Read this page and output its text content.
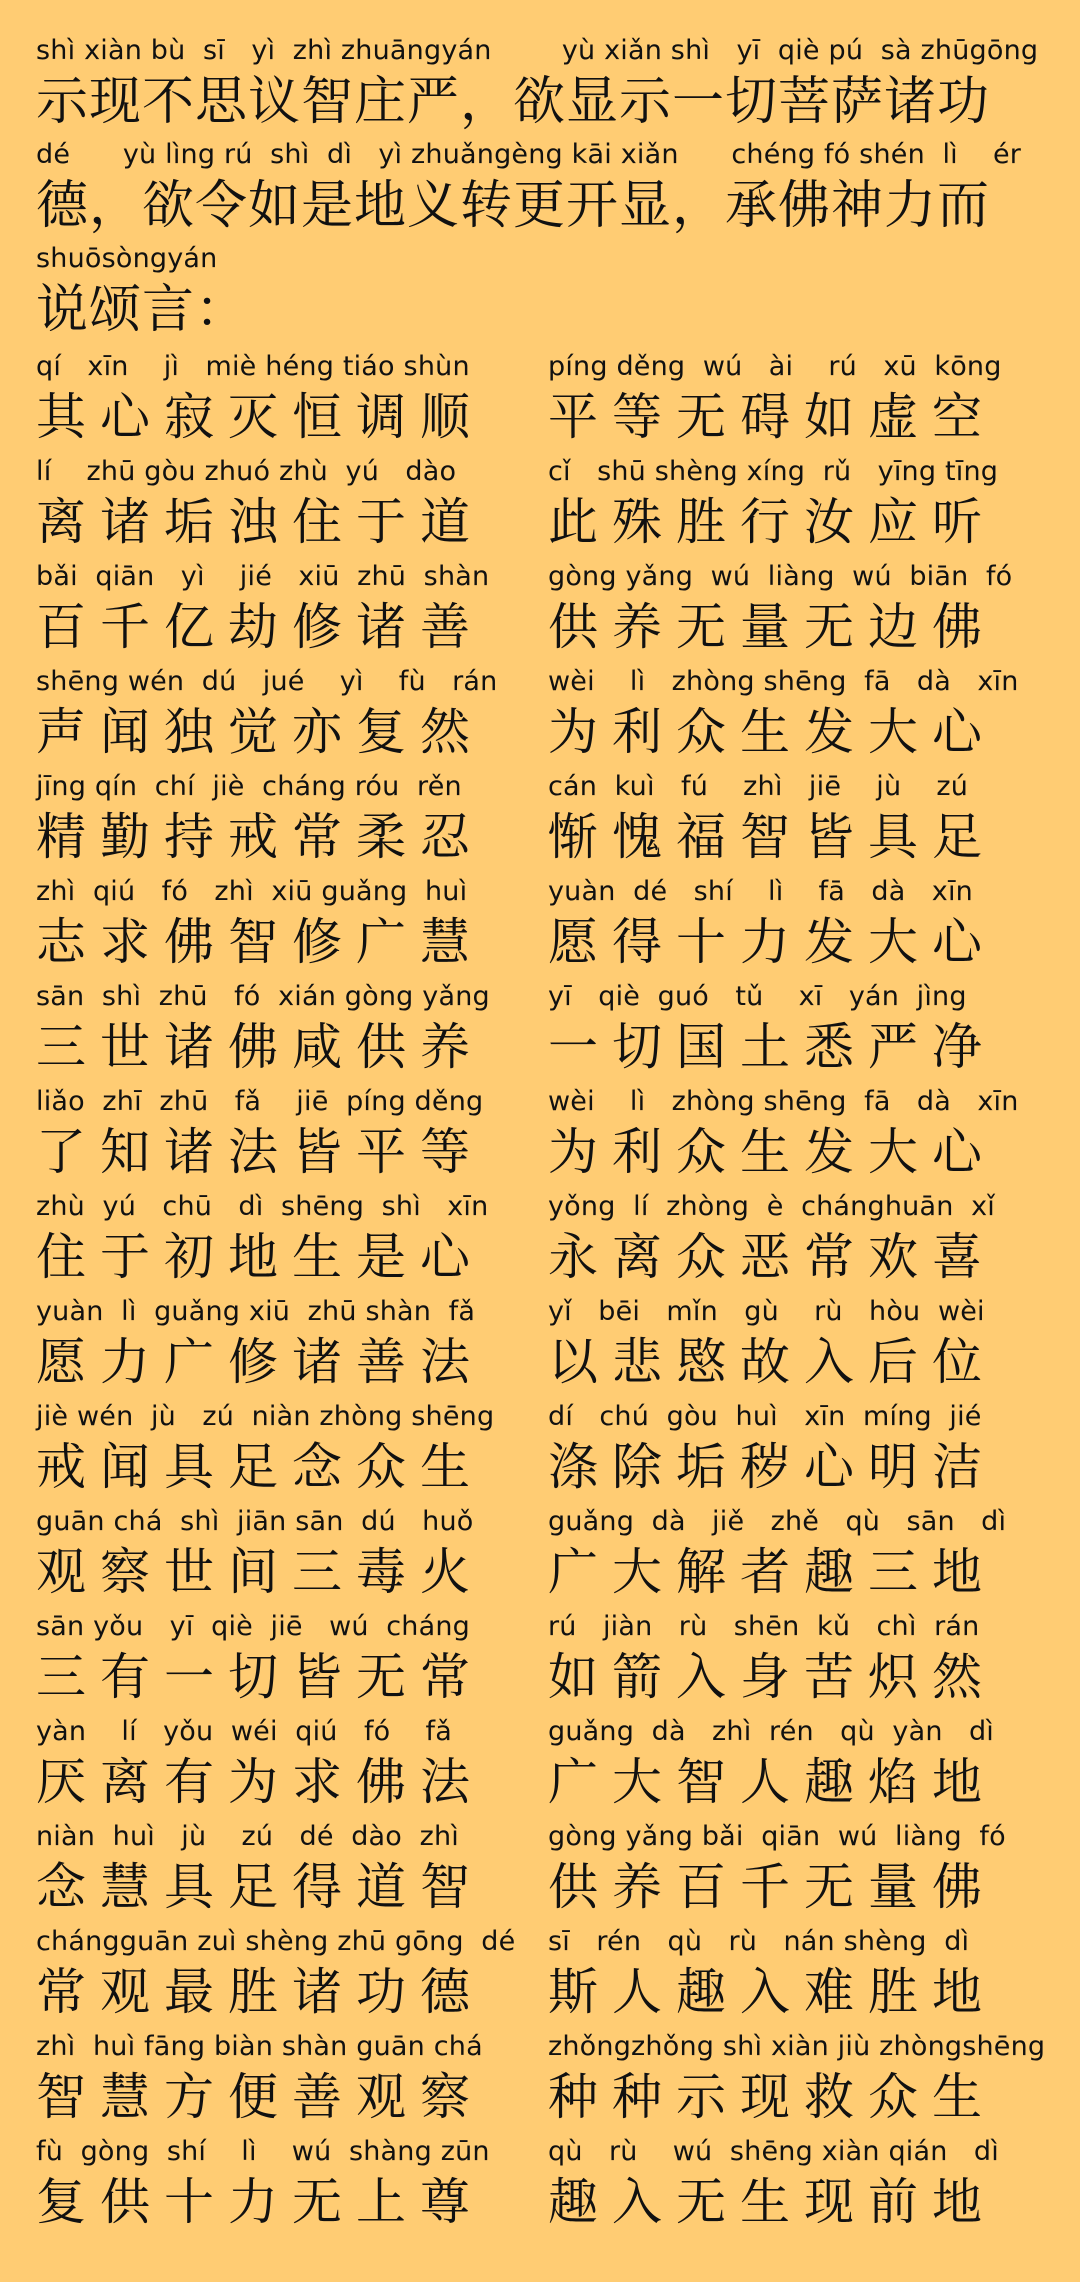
shì xiàn bù  sī   yì  zhì zhuāngyán        yù xiǎn shì   yī  qiè pú  sà zhūgōng
示现不思议智庄严，欲显示一切菩萨诸功
dé      yù lìng rú  shì  dì   yì zhuǎngèng kāi xiǎn      chéng fó shén  lì    ér
德，欲令如是地义转更开显，承佛神力而
shuōsòngyán
说颂言：
qí   xīn    jì   miè héng tiáo shùn
其心寂灭恒调顺
píng děng  wú   ài    rú   xū  kōng
平等无碍如虚空
lí    zhū gòu zhuó zhù  yú   dào
离诸垢浊住于道
cǐ   shū shèng xíng  rǔ   yīng tīng
此殊胜行汝应听
bǎi  qiān   yì    jié   xiū  zhū  shàn
百千亿劫修诸善
gòng yǎng  wú  liàng  wú  biān  fó
供养无量无边佛
shēng wén  dú   jué    yì    fù   rán
声闻独觉亦复然
wèi    lì   zhòng shēng  fā   dà   xīn
为利众生发大心
jīng qín  chí  jiè  cháng róu  rěn
精勤持戒常柔忍
cán  kuì   fú    zhì   jiē    jù    zú
惭愧福智皆具足
zhì  qiú   fó   zhì  xiū guǎng  huì
志求佛智修广慧
yuàn  dé   shí    lì    fā   dà   xīn
愿得十力发大心
sān  shì  zhū   fó  xián gòng yǎng
三世诸佛咸供养
yī   qiè  guó   tǔ    xī   yán  jìng
一切国土悉严净
liǎo  zhī  zhū   fǎ    jiē  píng děng
了知诸法皆平等
wèi    lì   zhòng shēng  fā   dà   xīn
为利众生发大心
zhù  yú   chū   dì  shēng  shì   xīn
住于初地生是心
yǒng  lí  zhòng  è  chánghuān  xǐ
永离众恶常欢喜
yuàn  lì  guǎng xiū  zhū shàn  fǎ
愿力广修诸善法
yǐ   bēi   mǐn   gù    rù   hòu  wèi
以悲愍故入后位
jiè wén  jù   zú  niàn zhòng shēng
戒闻具足念众生
dí   chú  gòu  huì   xīn  míng  jié
涤除垢秽心明洁
guān chá  shì  jiān sān  dú   huǒ
观察世间三毒火
guǎng  dà   jiě   zhě   qù   sān   dì
广大解者趣三地
sān yǒu   yī  qiè  jiē   wú  cháng
三有一切皆无常
rú   jiàn   rù   shēn  kǔ   chì  rán
如箭入身苦炽然
yàn    lí   yǒu  wéi  qiú   fó    fǎ
厌离有为求佛法
guǎng  dà   zhì  rén   qù  yàn   dì
广大智人趣焰地
niàn  huì   jù    zú   dé  dào  zhì
念慧具足得道智
gòng yǎng bǎi  qiān  wú  liàng  fó
供养百千无量佛
chángguān zuì shèng zhū gōng  dé
常观最胜诸功德
sī   rén   qù   rù   nán shèng  dì
斯人趣入难胜地
zhì  huì fāng biàn shàn guān chá
智慧方便善观察
zhǒngzhǒng shì xiàn jiù zhòngshēng
种种示现救众生
fù  gòng  shí    lì    wú  shàng zūn
复供十力无上尊
qù   rù    wú  shēng xiàn qián   dì
趣入无生现前地
